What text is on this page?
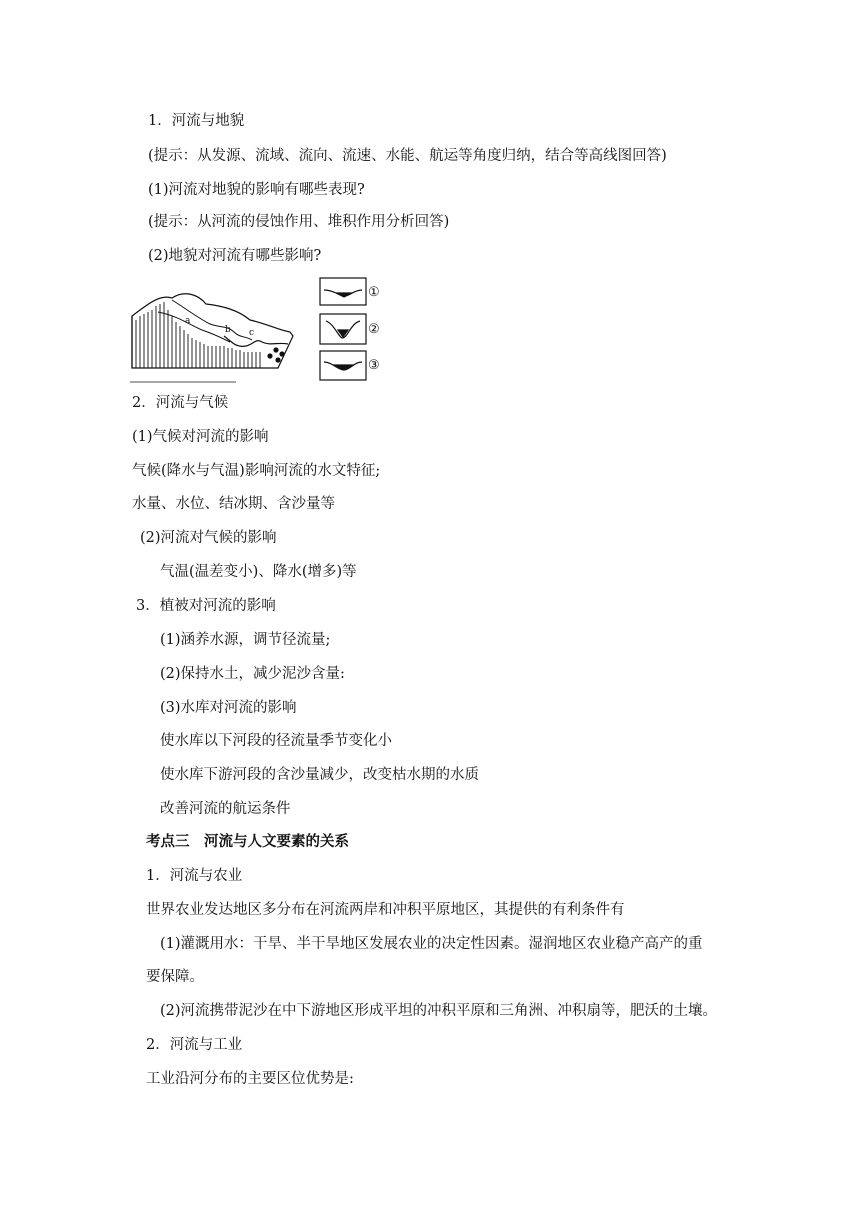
1．河流与地貌
(提示：从发源、流域、流向、流速、水能、航运等角度归纳，结合等高线图回答)
(1)河流对地貌的影响有哪些表现?
(提示：从河流的侵蚀作用、堆积作用分析回答)
(2)地貌对河流有哪些影响?
a
b c
①
②
③
2．河流与气候
(1)气候对河流的影响
气候(降水与气温)影响河流的水文特征;
水量、水位、结冰期、含沙量等
(2)河流对气候的影响
气温(温差变小)、降水(增多)等
3．植被对河流的影响
(1)涵养水源，调节径流量;
(2)保持水土，减少泥沙含量:
(3)水库对河流的影响
使水库以下河段的径流量季节变化小
使水库下游河段的含沙量减少，改变枯水期的水质
改善河流的航运条件
考点三　河流与人文要素的关系
1．河流与农业
世界农业发达地区多分布在河流两岸和冲积平原地区，其提供的有利条件有
(1)灌溉用水：干旱、半干旱地区发展农业的决定性因素。湿润地区农业稳产高产的重
要保障。
(2)河流携带泥沙在中下游地区形成平坦的冲积平原和三角洲、冲积扇等，肥沃的土壤。
2．河流与工业
工业沿河分布的主要区位优势是:
